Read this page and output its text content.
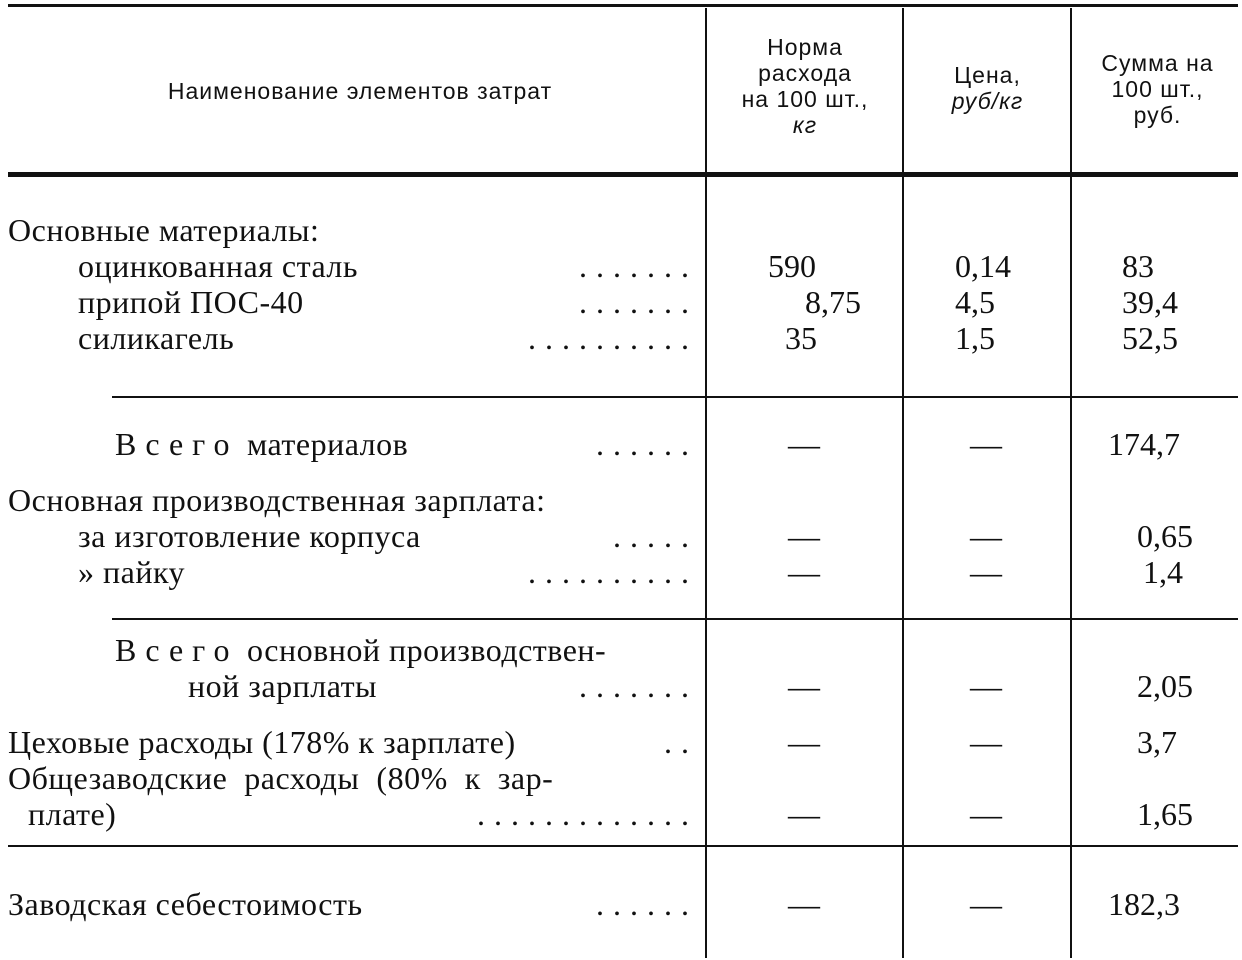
Наименование элементов затрат
Норма
расхода
на 100 шт.,
кг
Цена,
руб/кг
Сумма на
100 шт.,
руб.
Основные материалы:
оцинкованная сталь	....... 590	0,14	83
припой ПОС-40	.......	8,75	4,5	39,4
силикагель	..........	35	1,5	52,5
Всего материалов	......	—	—	174,7
Основная производственная зарплата:
за изготовление корпуса	.....	—	—	0,65
» пайку	..........	—	—	1,4
Всего основной производствен-
ной зарплаты	.......	—	—	2,05
Цеховые расходы (178% к зарплате)	..	—	—	3,7
Общезаводские  расходы  (80%  к  зар-
плате)	.............	—	—	1,65
Заводская себестоимость	......	—	—	182,3
